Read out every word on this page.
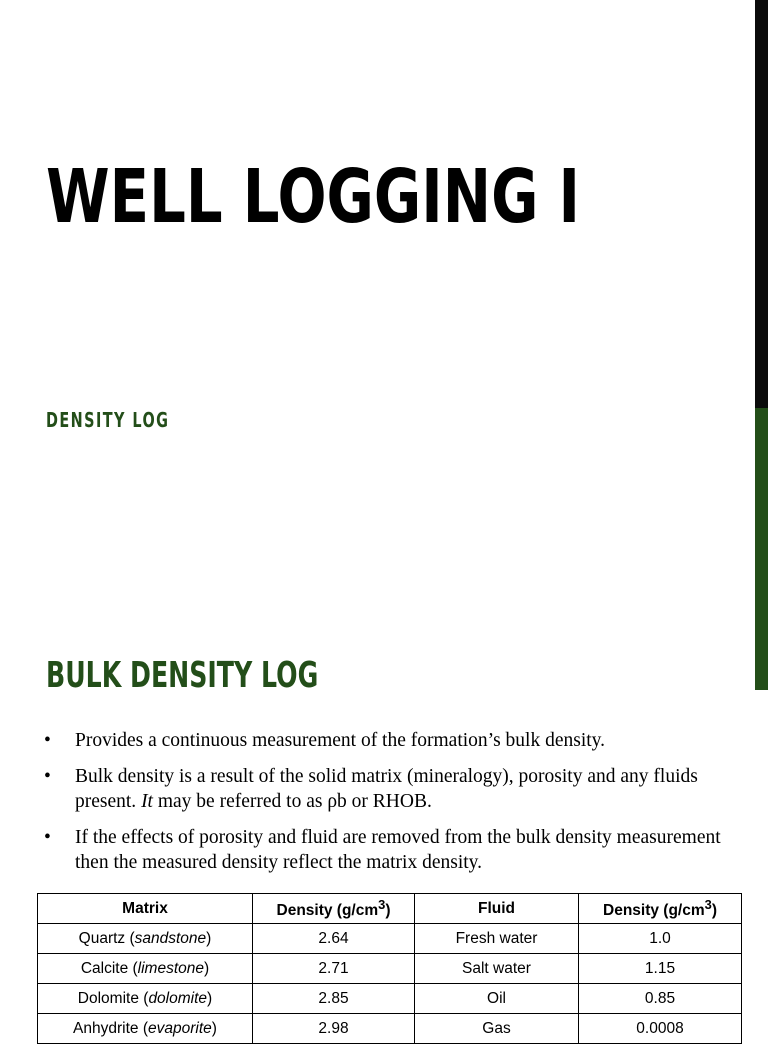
WELL LOGGING I
DENSITY LOG
BULK DENSITY LOG
• Provides a continuous measurement of the formation’s bulk density.
• Bulk density is a result of the solid matrix (mineralogy), porosity and any fluids present. It may be referred to as ρb or RHOB.
• If the effects of porosity and fluid are removed from the bulk density measurement then the measured density reflect the matrix density.
Matrix	Density $(g/cm^3)$	Fluid	Density $(g/cm^3)$
Quartz (sandstone)	2.64	Fresh water	1.0
Calcite (limestone)	2.71	Salt water	1.15
Dolomite (dolomite)	2.85	Oil	0.85
Anhydrite (evaporite)	2.98	Gas	0.0008
